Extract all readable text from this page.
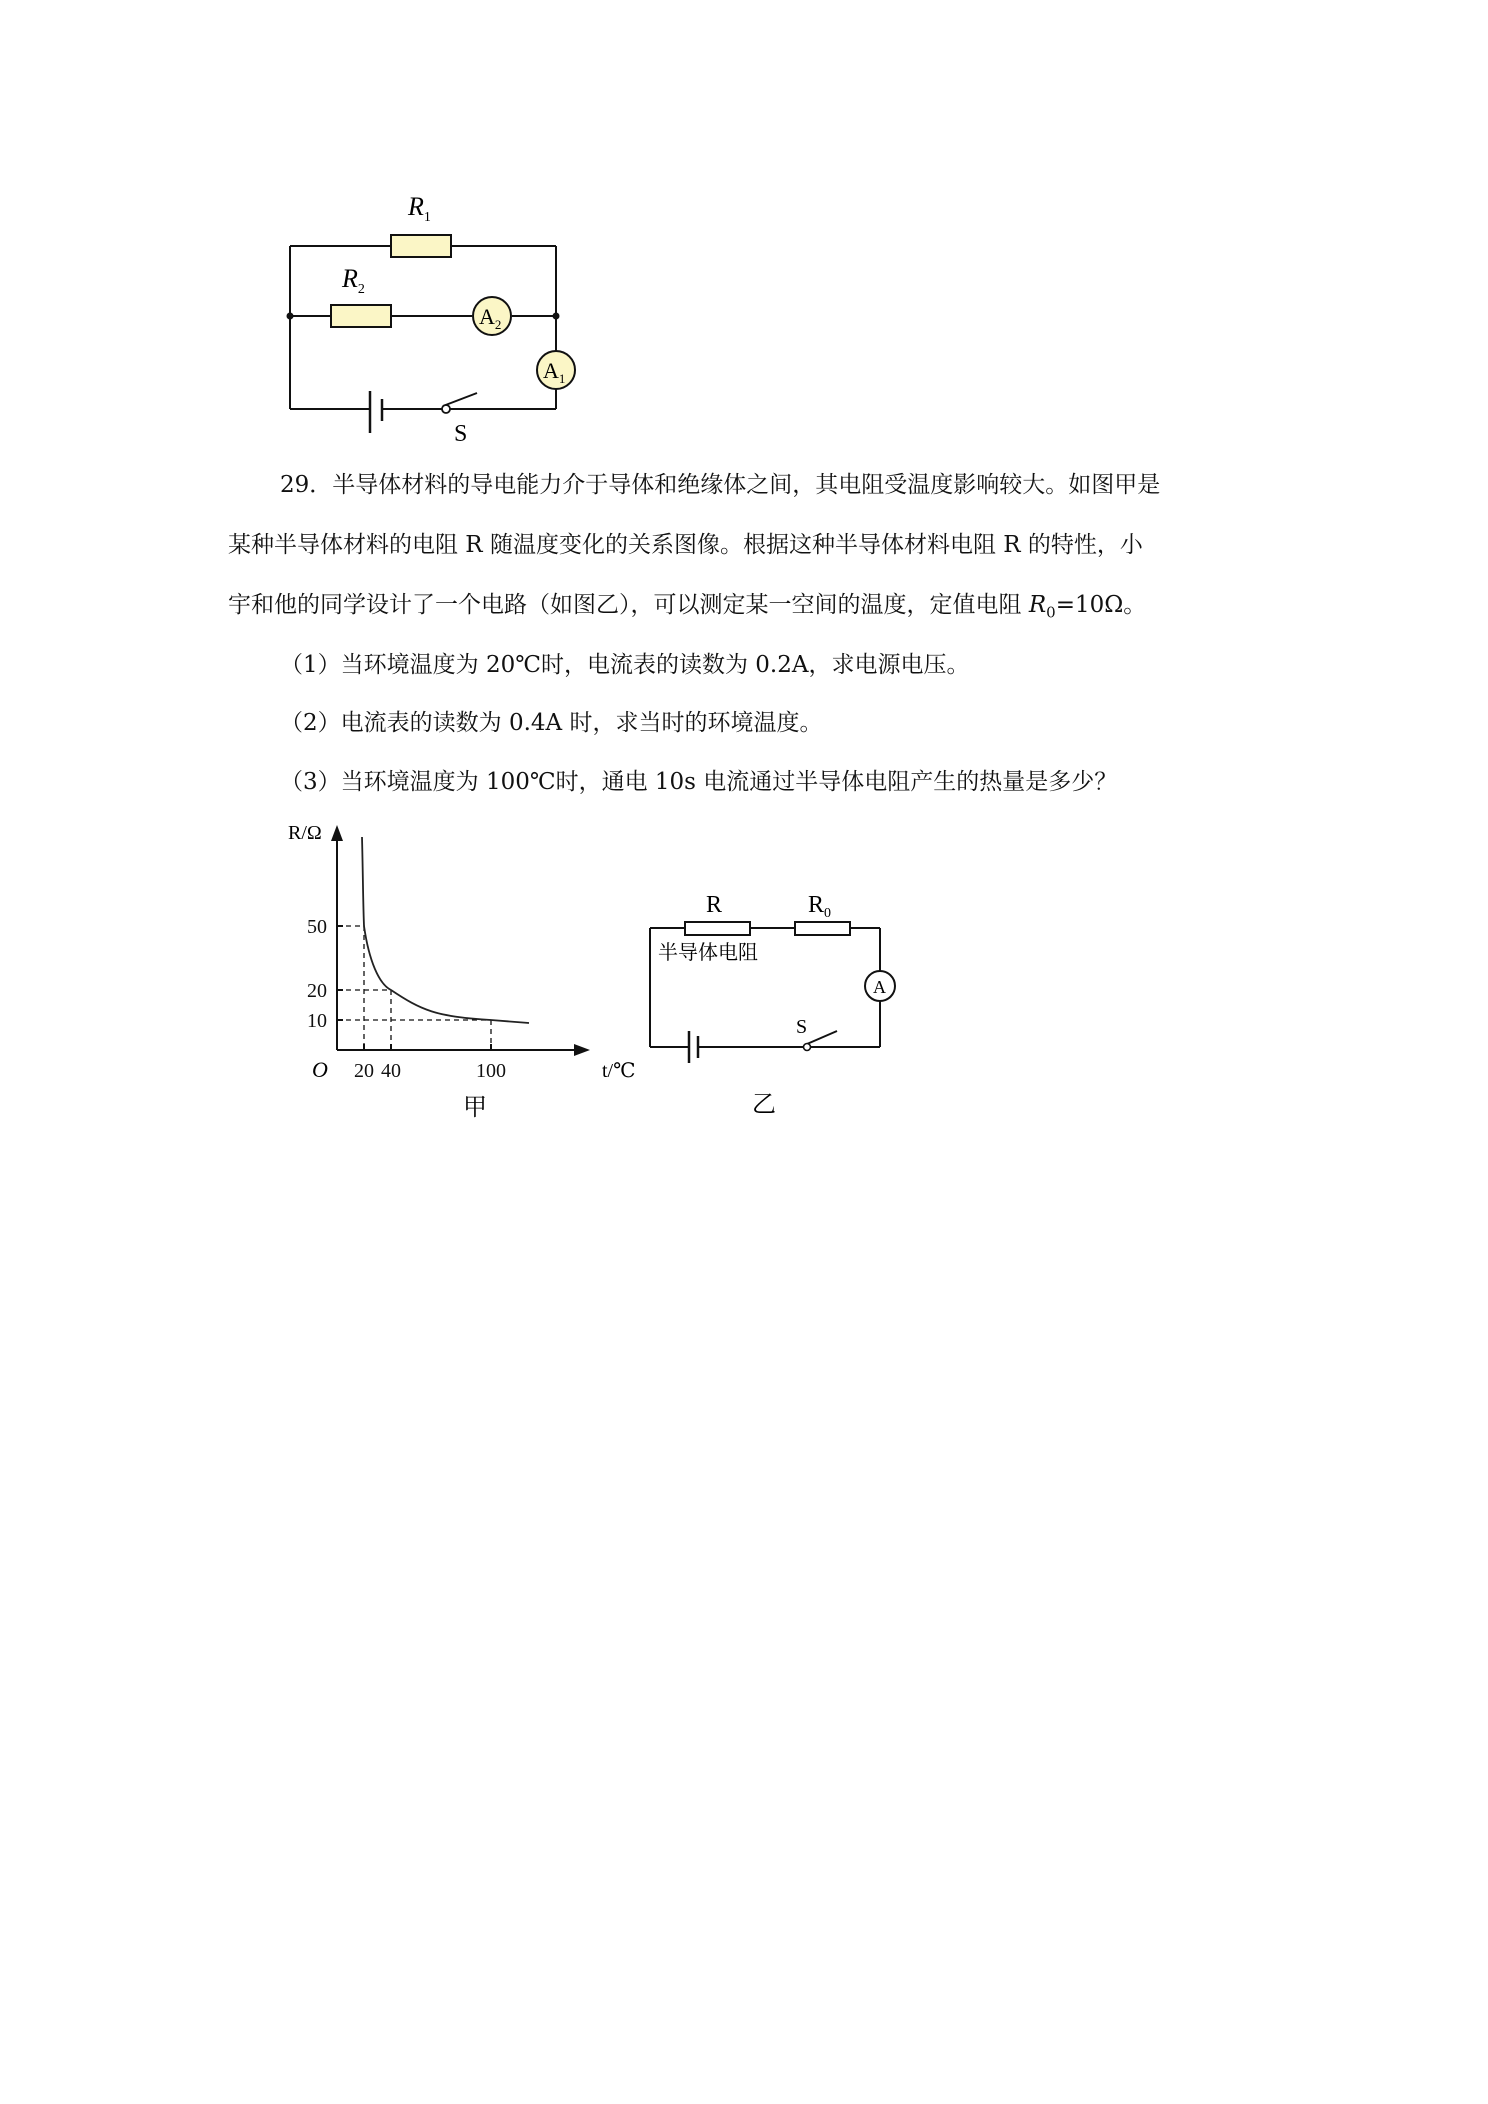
$R_1$
$R_2$
$A_2$
$A_1$
S
29．半导体材料的导电能力介于导体和绝缘体之间，其电阻受温度影响较大。如图甲是
某种半导体材料的电阻 R 随温度变化的关系图像。根据这种半导体材料电阻 R 的特性，小
宇和他的同学设计了一个电路（如图乙），可以测定某一空间的温度，定值电阻 $R_0=10\Omega$。
（1）当环境温度为 20℃时，电流表的读数为 0.2A，求电源电压。
（2）电流表的读数为 0.4A 时，求当时的环境温度。
（3）当环境温度为 100℃时，通电 10s 电流通过半导体电阻产生的热量是多少？
50
20
10
20 40	100
R/Ω
t/℃
O
甲
R	$R_0$
半导体电阻
A
S
乙
